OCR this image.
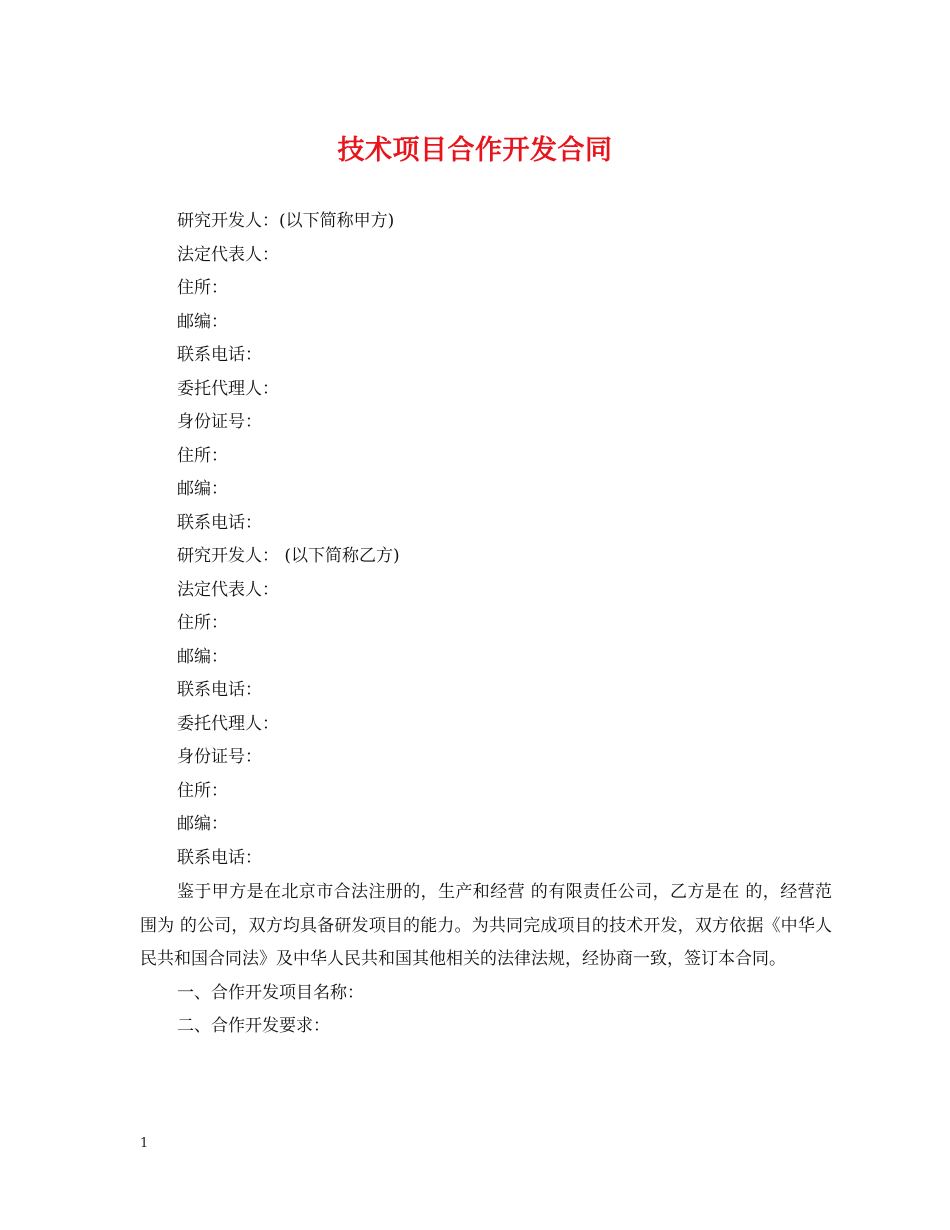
技术项目合作开发合同
研究开发人：(以下简称甲方)
法定代表人：
住所：
邮编：
联系电话：
委托代理人：
身份证号：
住所：
邮编：
联系电话：
研究开发人： (以下简称乙方)
法定代表人：
住所：
邮编：
联系电话：
委托代理人：
身份证号：
住所：
邮编：
联系电话：

鉴于甲方是在北京市合法注册的，生产和经营 的有限责任公司，乙方是在 的，经营范围为 的公司，双方均具备研发项目的能力。为共同完成项目的技术开发，双方依据《中华人民共和国合同法》及中华人民共和国其他相关的法律法规，经协商一致，签订本合同。

一、合作开发项目名称：
二、合作开发要求：
1
